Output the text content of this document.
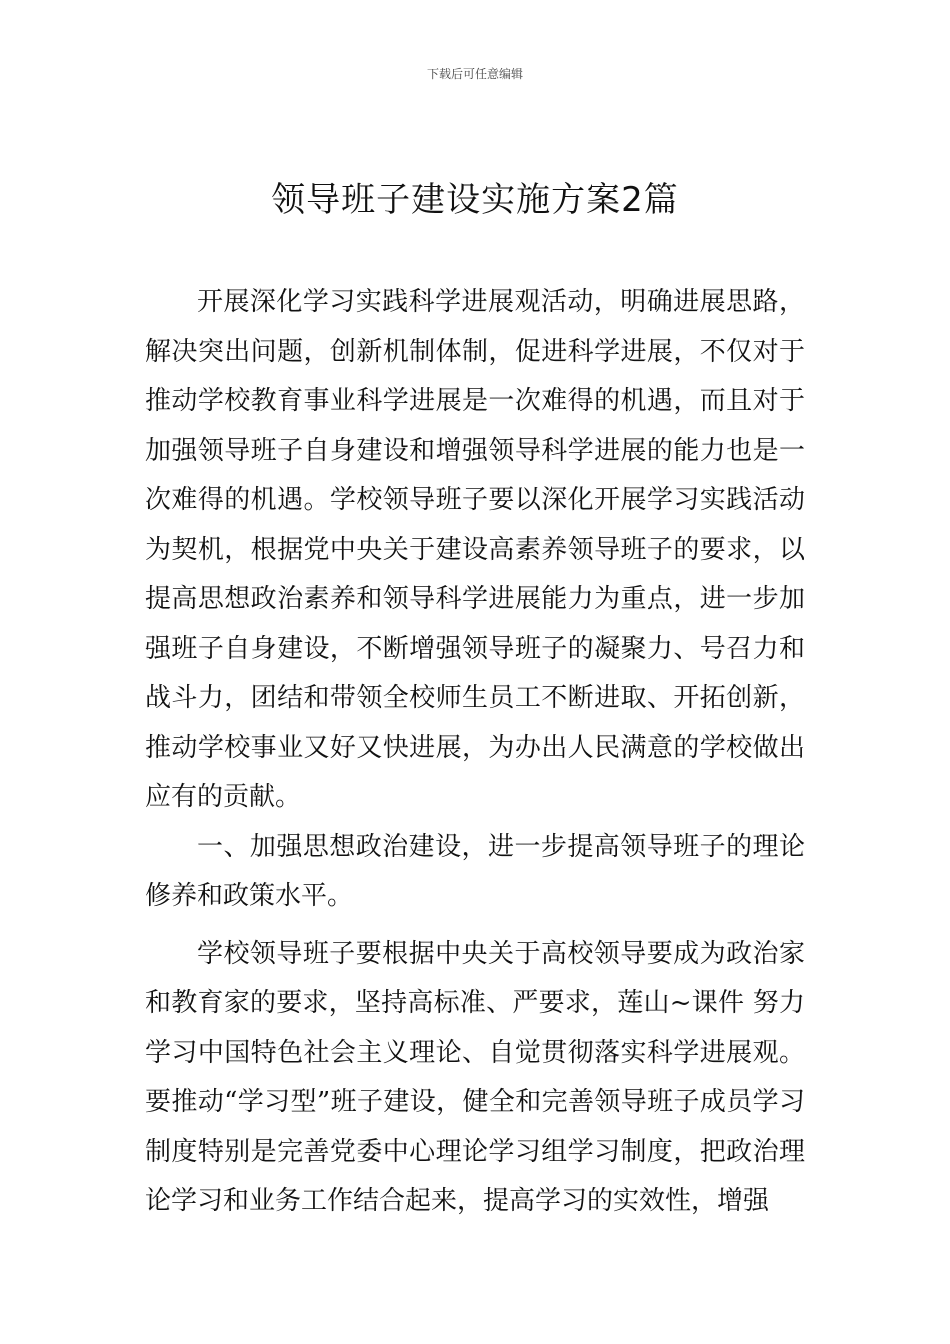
下载后可任意编辑
领导班子建设实施方案2篇

开展深化学习实践科学进展观活动，明确进展思路，解决突出问题，创新机制体制，促进科学进展，不仅对于推动学校教育事业科学进展是一次难得的机遇，而且对于加强领导班子自身建设和增强领导科学进展的能力也是一次难得的机遇。学校领导班子要以深化开展学习实践活动为契机，根据党中央关于建设高素养领导班子的要求，以提高思想政治素养和领导科学进展能力为重点，进一步加强班子自身建设，不断增强领导班子的凝聚力、号召力和战斗力，团结和带领全校师生员工不断进取、开拓创新，推动学校事业又好又快进展，为办出人民满意的学校做出应有的贡献。

一、加强思想政治建设，进一步提高领导班子的理论修养和政策水平。

学校领导班子要根据中央关于高校领导要成为政治家和教育家的要求，坚持高标准、严要求，莲山~课件 努力学习中国特色社会主义理论、自觉贯彻落实科学进展观。要推动“学习型”班子建设，健全和完善领导班子成员学习制度特别是完善党委中心理论学习组学习制度，把政治理论学习和业务工作结合起来，提高学习的实效性，增强
